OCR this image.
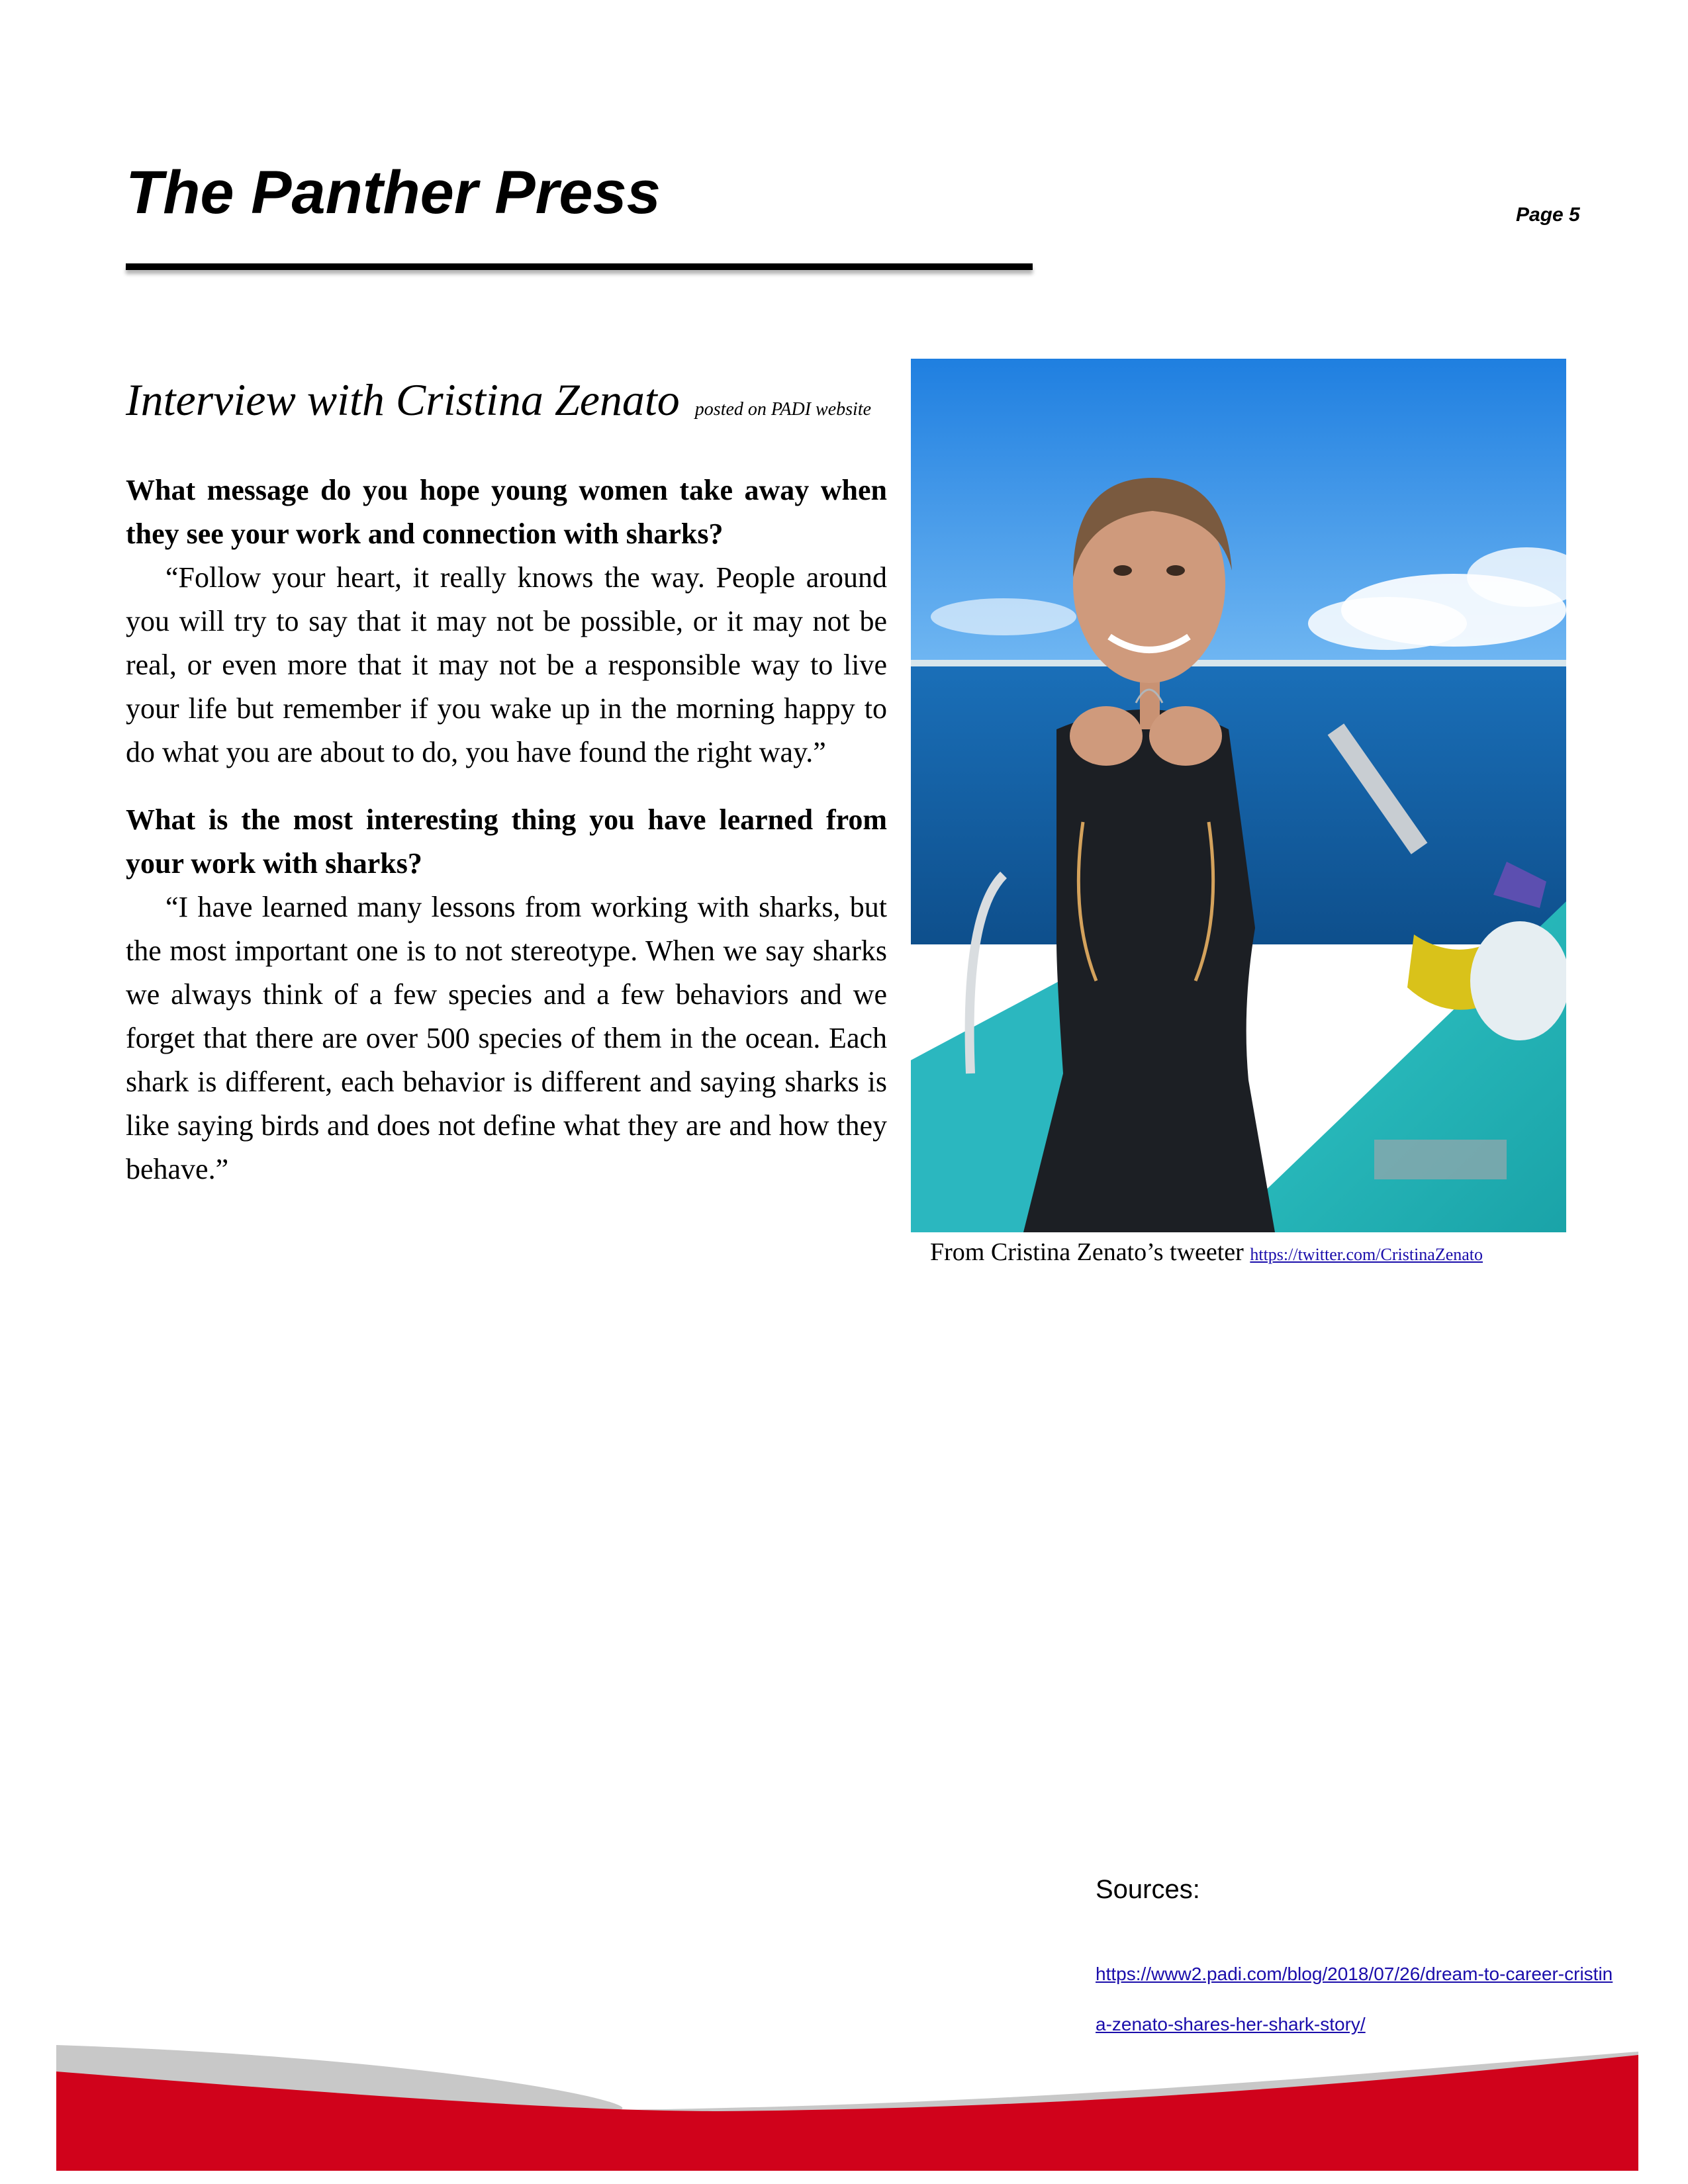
The Panther Press	Page 5
Interview with Cristina Zenato posted on PADI website

What message do you hope young women take away when they see your work and connection with sharks?

“Follow your heart, it really knows the way. People around you will try to say that it may not be possible, or it may not be real, or even more that it may not be a responsible way to live your life but remember if you wake up in the morning happy to do what you are about to do, you have found the right way.”

What is the most interesting thing you have learned from your work with sharks?

“I have learned many lessons from working with sharks, but the most important one is to not stereotype. When we say sharks we always think of a few species and a few behaviors and we forget that there are over 500 species of them in the ocean. Each shark is different, each behavior is different and saying sharks is like saying birds and does not define what they are and how they behave.”

From Cristina Zenato’s tweeter https://twitter.com/CristinaZenato
Sources:
https://www2.padi.com/blog/2018/07/26/dream-to-career-cristina-zenato-shares-her-shark-story/
